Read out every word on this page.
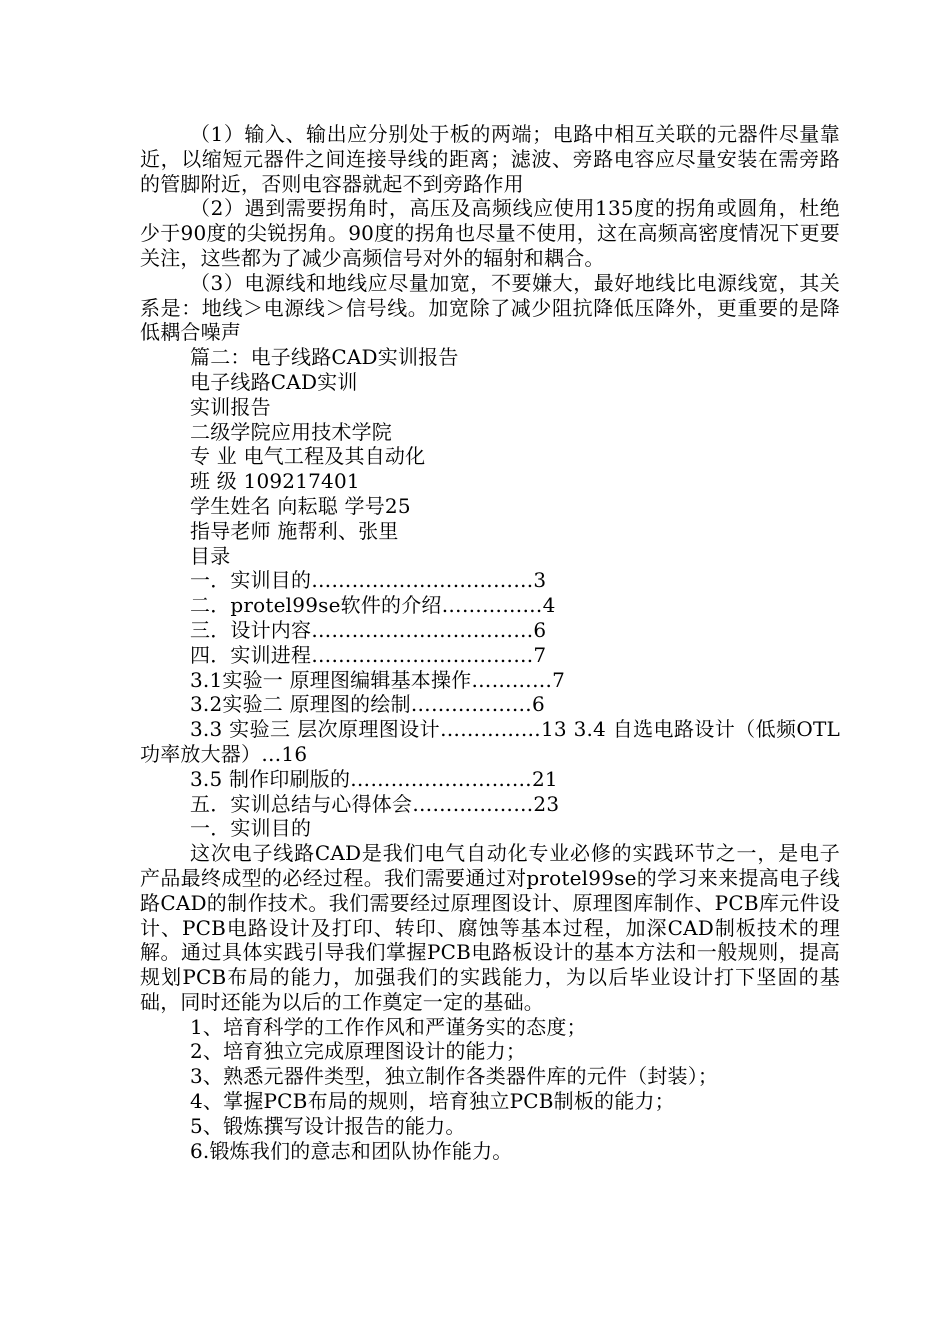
（1）输入、输出应分别处于板的两端；电路中相互关联的元器件尽量靠近，以缩短元器件之间连接导线的距离；滤波、旁路电容应尽量安装在需旁路的管脚附近，否则电容器就起不到旁路作用

（2）遇到需要拐角时，高压及高频线应使用135度的拐角或圆角，杜绝少于90度的尖锐拐角。90度的拐角也尽量不使用，这在高频高密度情况下更要关注，这些都为了减少高频信号对外的辐射和耦合。

（3）电源线和地线应尽量加宽，不要嫌大，最好地线比电源线宽，其关系是：地线＞电源线＞信号线。加宽除了减少阻抗降低压降外，更重要的是降低耦合噪声

篇二：电子线路CAD实训报告

电子线路CAD实训

实训报告

二级学院应用技术学院

专 业 电气工程及其自动化

班 级 109217401

学生姓名 向耘聪 学号25

指导老师 施帮利、张里

目录

一．实训目的……………………………3

二．protel99se软件的介绍……………4

三．设计内容……………………………6

四．实训进程……………………………7

3.1实验一 原理图编辑基本操作…………7

3.2实验二 原理图的绘制………………6

3.3 实验三 层次原理图设计……………13 3.4 自选电路设计（低频OTL功率放大器）…16

3.5 制作印刷版的………………………21

五．实训总结与心得体会………………23

一．实训目的

这次电子线路CAD是我们电气自动化专业必修的实践环节之一，是电子产品最终成型的必经过程。我们需要通过对protel99se的学习来来提高电子线路CAD的制作技术。我们需要经过原理图设计、原理图库制作、PCB库元件设计、PCB电路设计及打印、转印、腐蚀等基本过程，加深CAD制板技术的理解。通过具体实践引导我们掌握PCB电路板设计的基本方法和一般规则，提高规划PCB布局的能力，加强我们的实践能力，为以后毕业设计打下坚固的基础，同时还能为以后的工作奠定一定的基础。

1、培育科学的工作作风和严谨务实的态度；

2、培育独立完成原理图设计的能力；

3、熟悉元器件类型，独立制作各类器件库的元件（封装）；

4、掌握PCB布局的规则，培育独立PCB制板的能力；

5、锻炼撰写设计报告的能力。

6.锻炼我们的意志和团队协作能力。
